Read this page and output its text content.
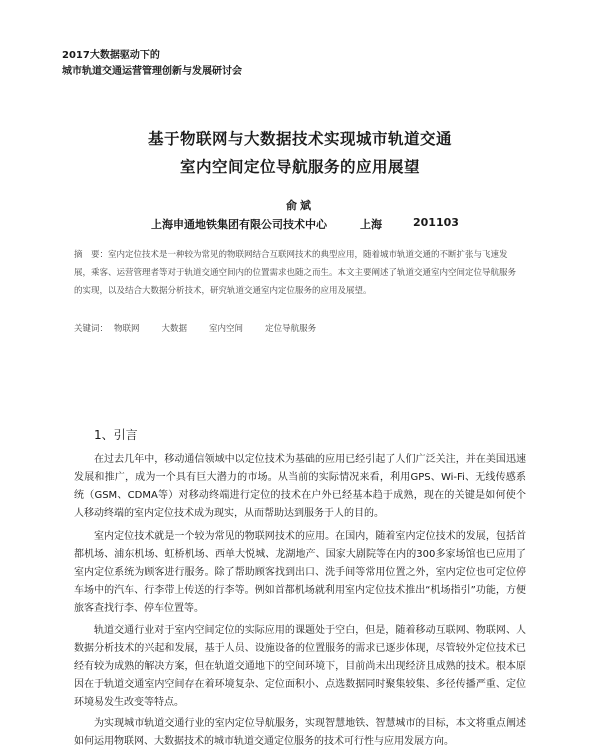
2017大数据驱动下的
城市轨道交通运营管理创新与发展研讨会
基于物联网与大数据技术实现城市轨道交通
室内空间定位导航服务的应用展望
俞斌
上海申通地铁集团有限公司技术中心	上海	201103
摘　要：室内定位技术是一种较为常见的物联网结合互联网技术的典型应用，随着城市轨道交通的不断扩张与飞速发展，乘客、运营管理者等对于轨道交通空间内的位置需求也随之而生。本文主要阐述了轨道交通室内空间定位导航服务的实现，以及结合大数据分析技术，研究轨道交通室内定位服务的应用及展望。
关键词： 物联网	大数据	室内空间	定位导航服务
1、引言
在过去几年中，移动通信领域中以定位技术为基础的应用已经引起了人们广泛关注，并在美国迅速发展和推广，成为一个具有巨大潜力的市场。从当前的实际情况来看，利用GPS、Wi-Fi、无线传感系统（GSM、CDMA等）对移动终端进行定位的技术在户外已经基本趋于成熟，现在的关键是如何使个人移动终端的室内定位技术成为现实，从而帮助达到服务于人的目的。
室内定位技术就是一个较为常见的物联网技术的应用。在国内，随着室内定位技术的发展，包括首都机场、浦东机场、虹桥机场、西单大悦城、龙湖地产、国家大剧院等在内的300多家场馆也已应用了室内定位系统为顾客进行服务。除了帮助顾客找到出口、洗手间等常用位置之外，室内定位也可定位停车场中的汽车、行李带上传送的行李等。例如首都机场就利用室内定位技术推出“机场指引”功能，方便旅客查找行李、停车位置等。
轨道交通行业对于室内空间定位的实际应用的课题处于空白，但是，随着移动互联网、物联网、人数据分析技术的兴起和发展，基于人员、设施设备的位置服务的需求已逐步体现，尽管较外定位技术已经有较为成熟的解决方案，但在轨道交通地下的空间环境下，目前尚未出现经济且成熟的技术。根本原因在于轨道交通室内空间存在着环境复杂、定位面积小、点选数据同时聚集较集、多径传播严重、定位环境易发生改变等特点。
为实现城市轨道交通行业的室内定位导航服务，实现智慧地铁、智慧城市的目标，本文将重点阐述如何运用物联网、大数据技术的城市轨道交通定位服务的技术可行性与应用发展方向。
